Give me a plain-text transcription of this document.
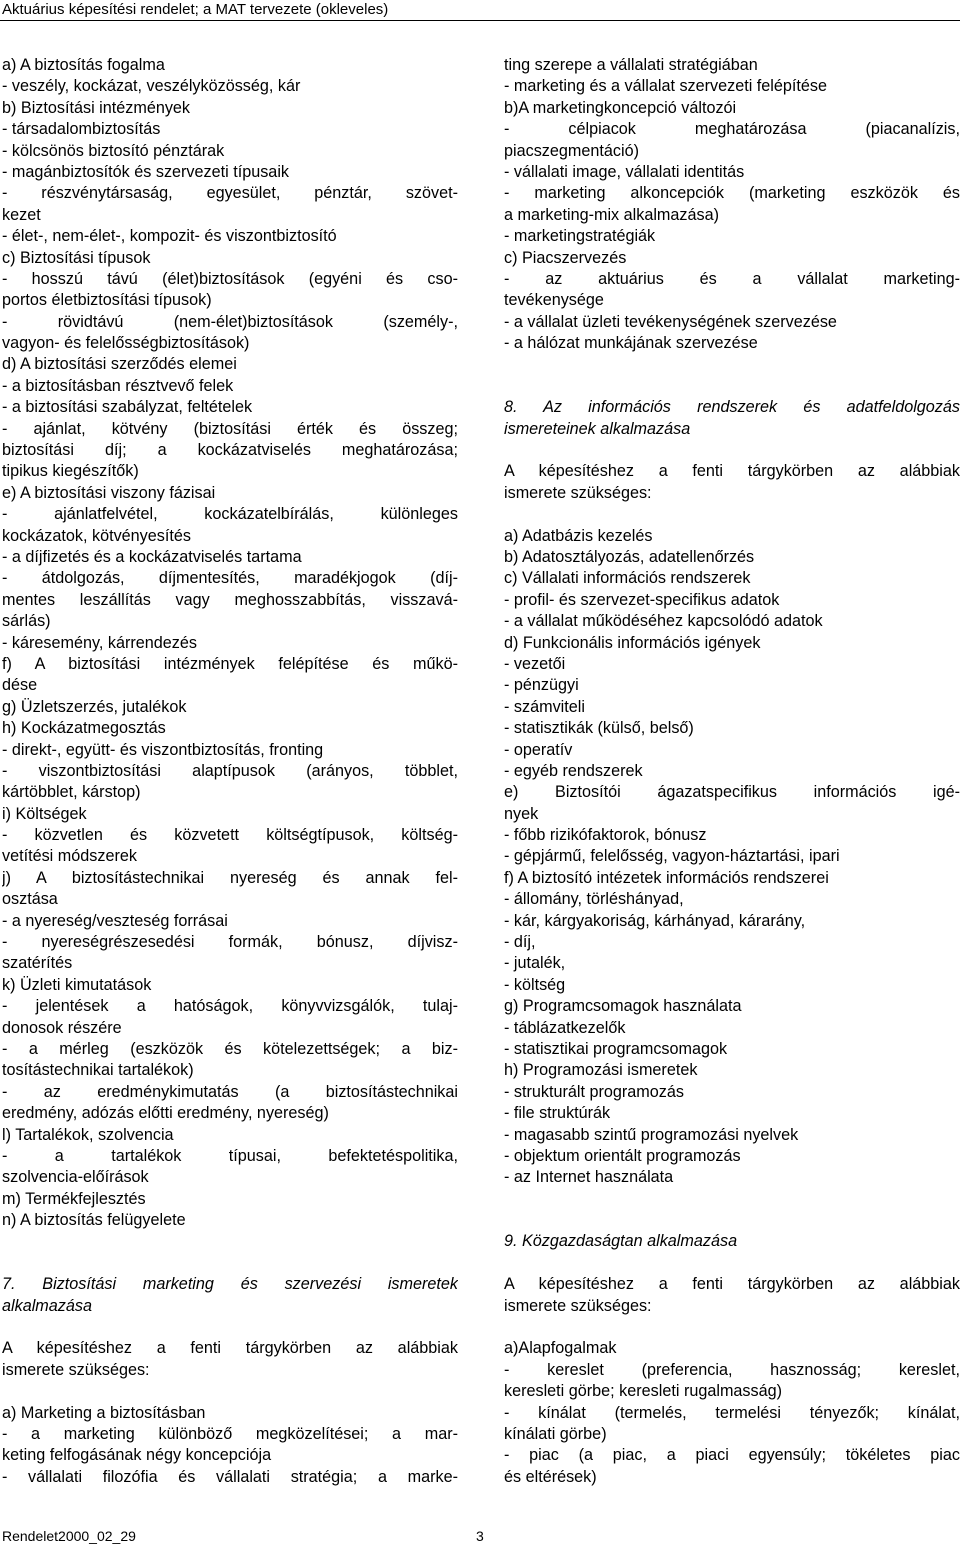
Aktuárius képesítési rendelet; a MAT tervezete (okleveles)
a) A biztosítás fogalma
- veszély, kockázat, veszélyközösség, kár
b) Biztosítási intézmények
- társadalombiztosítás
- kölcsönös biztosító pénztárak
- magánbiztosítók és szervezeti típusaik
- részvénytársaság, egyesület, pénztár, szövet-
kezet
- élet-, nem-élet-, kompozit- és viszontbiztosító
c) Biztosítási típusok
- hosszú távú (élet)biztosítások (egyéni és cso-
portos életbiztosítási típusok)
- rövidtávú (nem-élet)biztosítások (személy-,
vagyon- és felelősségbiztosítások)
d) A biztosítási szerződés elemei
- a biztosításban résztvevő felek
- a biztosítási szabályzat, feltételek
- ajánlat, kötvény (biztosítási érték és összeg;
biztosítási díj; a kockázatviselés meghatározása;
tipikus kiegészítők)
e) A biztosítási viszony fázisai
- ajánlatfelvétel, kockázatelbírálás, különleges
kockázatok, kötvényesítés
- a díjfizetés és a kockázatviselés tartama
- átdolgozás, díjmentesítés, maradékjogok (díj-
mentes leszállítás vagy meghosszabbítás, visszavá-
sárlás)
- káresemény, kárrendezés
f) A biztosítási intézmények felépítése és műkö-
dése
g) Üzletszerzés, jutalékok
h) Kockázatmegosztás
- direkt-, együtt- és viszontbiztosítás, fronting
- viszontbiztosítási alaptípusok (arányos, többlet,
kártöbblet, kárstop)
i) Költségek
- közvetlen és közvetett költségtípusok, költség-
vetítési módszerek
j) A biztosítástechnikai nyereség és annak fel-
osztása
- a nyereség/veszteség forrásai
- nyereségrészesedési formák, bónusz, díjvisz-
szatérítés
k) Üzleti kimutatások
- jelentések a hatóságok, könyvvizsgálók, tulaj-
donosok részére
- a mérleg (eszközök és kötelezettségek; a biz-
tosítástechnikai tartalékok)
- az eredménykimutatás (a biztosítástechnikai
eredmény, adózás előtti eredmény, nyereség)
l) Tartalékok, szolvencia
- a tartalékok típusai, befektetéspolitika,
szolvencia-előírások
m) Termékfejlesztés
n) A biztosítás felügyelete
7. Biztosítási marketing és szervezési ismeretek
alkalmazása
A képesítéshez a fenti tárgykörben az alábbiak
ismerete szükséges:
a) Marketing a biztosításban
- a marketing különböző megközelítései; a mar-
keting felfogásának négy koncepciója
- vállalati filozófia és vállalati stratégia; a marke-
ting szerepe a vállalati stratégiában
- marketing és a vállalat szervezeti felépítése
b)A marketingkoncepció változói
- célpiacok meghatározása (piacanalízis,
piacszegmentáció)
- vállalati image, vállalati identitás
- marketing alkoncepciók (marketing eszközök és
a marketing-mix alkalmazása)
- marketingstratégiák
c) Piacszervezés
- az aktuárius és a vállalat marketing-
tevékenysége
- a vállalat üzleti tevékenységének szervezése
- a hálózat munkájának szervezése
8. Az információs rendszerek és adatfeldolgozás
ismereteinek alkalmazása
A képesítéshez a fenti tárgykörben az alábbiak
ismerete szükséges:
a) Adatbázis kezelés
b) Adatosztályozás, adatellenőrzés
c) Vállalati információs rendszerek
- profil- és szervezet-specifikus adatok
- a vállalat működéséhez kapcsolódó adatok
d) Funkcionális információs igények
- vezetői
- pénzügyi
- számviteli
- statisztikák (külső, belső)
- operatív
- egyéb rendszerek
e) Biztosítói ágazatspecifikus információs igé-
nyek
- főbb rizikófaktorok, bónusz
- gépjármű, felelősség, vagyon-háztartási, ipari
f) A biztosító intézetek információs rendszerei
- állomány, törléshányad,
- kár, kárgyakoriság, kárhányad, kárarány,
- díj,
- jutalék,
- költség
g) Programcsomagok használata
- táblázatkezelők
- statisztikai programcsomagok
h) Programozási ismeretek
- strukturált programozás
- file struktúrák
- magasabb szintű programozási nyelvek
- objektum orientált programozás
- az Internet használata
9. Közgazdaságtan alkalmazása
A képesítéshez a fenti tárgykörben az alábbiak
ismerete szükséges:
a)Alapfogalmak
- kereslet (preferencia, hasznosság; kereslet,
keresleti görbe; keresleti rugalmasság)
- kínálat (termelés, termelési tényezők; kínálat,
kínálati görbe)
- piac (a piac, a piaci egyensúly; tökéletes piac
és eltérések)
Rendelet2000_02_29	3
